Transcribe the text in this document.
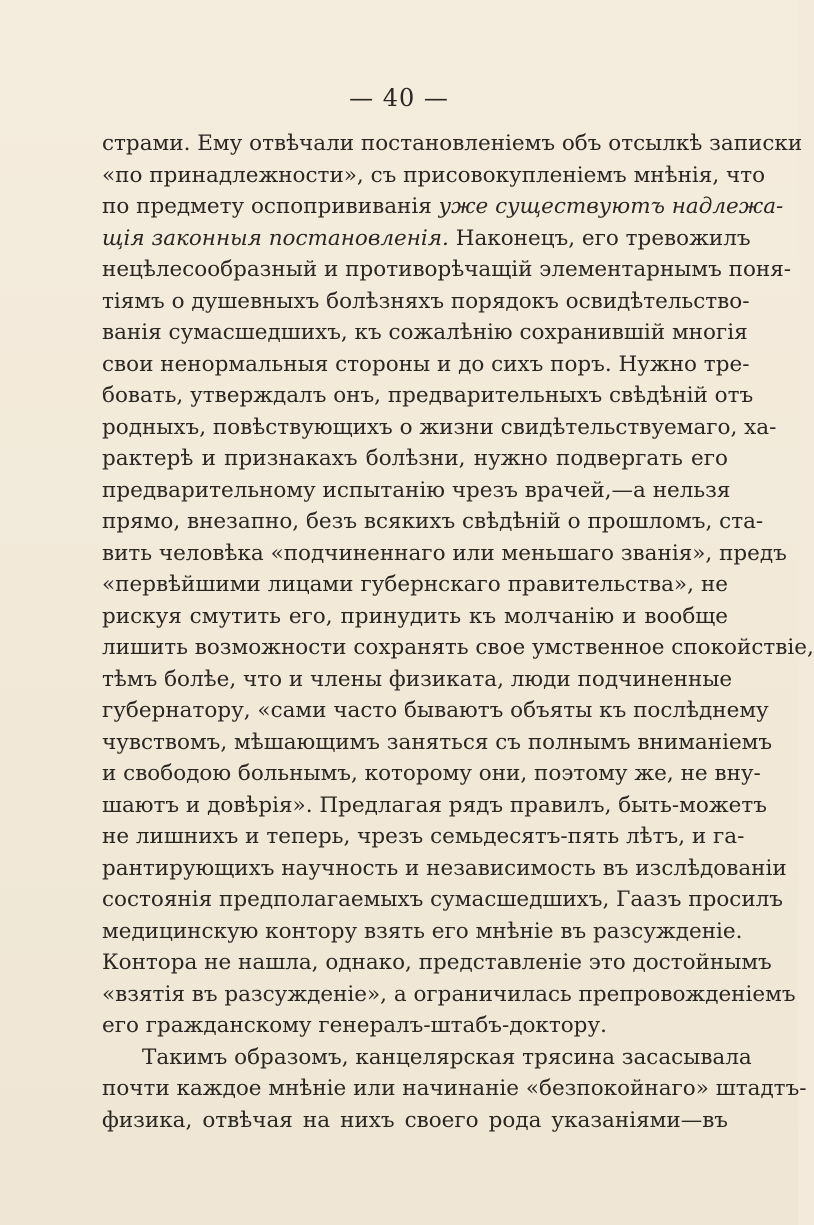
— 40 —
страми. Ему отвѣчали постановленіемъ объ отсылкѣ записки
«по принадлежности», съ присовокупленіемъ мнѣнія, что
по предмету оспопрививанія уже существуютъ надлежа-
щія законныя постановленія. Наконецъ, его тревожилъ
нецѣлесообразный и противорѣчащій элементарнымъ поня-
тіямъ о душевныхъ болѣзняхъ порядокъ освидѣтельство-
ванія сумасшедшихъ, къ сожалѣнію сохранившій многія
свои ненормальныя стороны и до сихъ поръ. Нужно тре-
бовать, утверждалъ онъ, предварительныхъ свѣдѣній отъ
родныхъ, повѣствующихъ о жизни свидѣтельствуемаго, ха-
рактерѣ и признакахъ болѣзни, нужно подвергать его
предварительному испытанію чрезъ врачей,—а нельзя
прямо, внезапно, безъ всякихъ свѣдѣній о прошломъ, ста-
вить человѣка «подчиненнаго или меньшаго званія», предъ
«первѣйшими лицами губернскаго правительства», не
рискуя смутить его, принудить къ молчанію и вообще
лишить возможности сохранять свое умственное спокойствіе,
тѣмъ болѣе, что и члены физиката, люди подчиненные
губернатору, «сами часто бываютъ объяты къ послѣднему
чувствомъ, мѣшающимъ заняться съ полнымъ вниманіемъ
и свободою больнымъ, которому они, поэтому же, не вну-
шаютъ и довѣрія». Предлагая рядъ правилъ, быть-можетъ
не лишнихъ и теперь, чрезъ семьдесятъ-пять лѣтъ, и га-
рантирующихъ научность и независимость въ изслѣдованіи
состоянія предполагаемыхъ сумасшедшихъ, Гаазъ просилъ
медицинскую контору взять его мнѣніе въ разсужденіе.
Контора не нашла, однако, представленіе это достойнымъ
«взятія въ разсужденіе», а ограничилась препровожденіемъ
его гражданскому генералъ-штабъ-доктору.
Такимъ образомъ, канцелярская трясина засасывала
почти каждое мнѣніе или начинаніе «безпокойнаго» штадтъ-
физика, отвѣчая на нихъ своего рода указаніями—въ
